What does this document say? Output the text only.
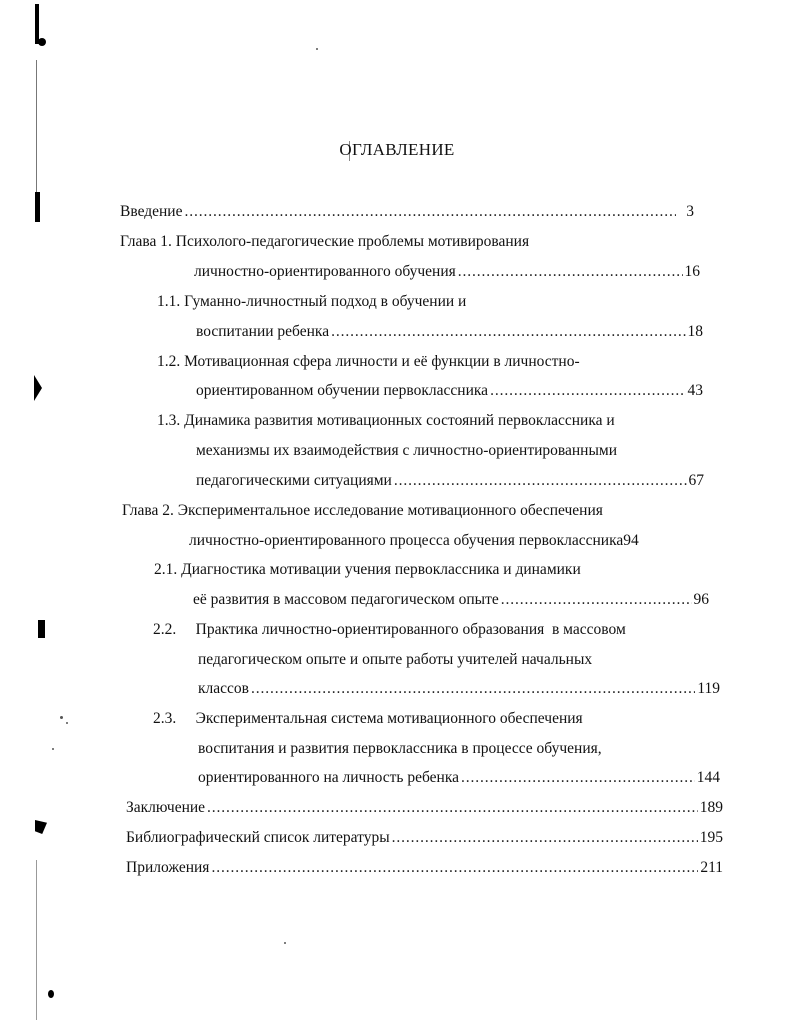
ОГЛАВЛЕНИЕ
Введение . . .	3
Глава 1. Психолого-педагогические проблемы мотивирования
личностно-ориентированного обучения . . .	16
1.1. Гуманно-личностный подход в обучении и
воспитании ребенка . . .	18
1.2. Мотивационная сфера личности и её функции в личностно-
ориентированном обучении первоклассника . . .	43
1.3. Динамика развития мотивационных состояний первоклассника и
механизмы их взаимодействия с личностно-ориентированными
педагогическими ситуациями . . .	67
Глава 2. Экспериментальное исследование мотивационного обеспечения
личностно-ориентированного процесса обучения первоклассника 94
2.1. Диагностика мотивации учения первоклассника и динамики
её развития в массовом педагогическом опыте . . .	96
2.2.     Практика личностно-ориентированного образования  в массовом
педагогическом опыте и опыте работы учителей начальных
классов . . .	119
2.3.     Экспериментальная система мотивационного обеспечения
воспитания и развития первоклассника в процессе обучения,
ориентированного на личность ребенка . . .	144
Заключение . . .	189
Библиографический список литературы . . .	195
Приложения . . .	211
